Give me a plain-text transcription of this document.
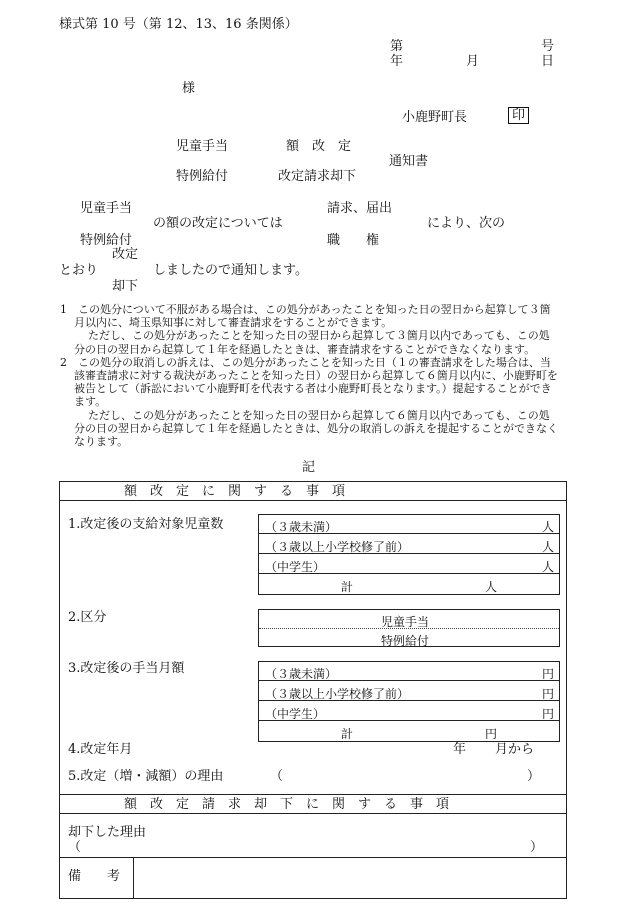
様式第 10 号（第 12、13、16 条関係）
第	号
年	月	日
様
小鹿野町長	印
児童手当	額　改　定
通知書
特例給付	改定請求却下
児童手当
特例給付
の額の改定については
請求、届出
職　　権
により、次の
改定
とおり	しましたので通知します。
却下

1　この処分について不服がある場合は、この処分があったことを知った日の翌日から起算して３箇月以内に、埼玉県知事に対して審査請求をすることができます。

ただし、この処分があったことを知った日の翌日から起算して３箇月以内であっても、この処分の日の翌日から起算して１年を経過したときは、審査請求をすることができなくなります。

2　この処分の取消しの訴えは、この処分があったことを知った日（１の審査請求をした場合は、当該審査請求に対する裁決があったことを知った日）の翌日から起算して６箇月以内に、小鹿野町を被告として（訴訟において小鹿野町を代表する者は小鹿野町長となります。）提起することができます。

ただし、この処分があったことを知った日の翌日から起算して６箇月以内であっても、この処分の日の翌日から起算して１年を経過したときは、処分の取消しの訴えを提起することができなくなります。

記
額　改　定　に　関　す　る　事　項
1.改定後の支給対象児童数	（３歳未満）	人
（３歳以上小学校修了前）	人
（中学生）	人
計	人
2.区分	児童手当
特例給付
3.改定後の手当月額	（３歳未満）	円
（３歳以上小学校修了前）	円
（中学生）	円
計	円
4.改定年月	年 月から
5.改定（増・減額）の理由	（	）
額　改　定　請　求　却　下　に　関　す　る　事　項
却下した理由
（	）
備　　考
